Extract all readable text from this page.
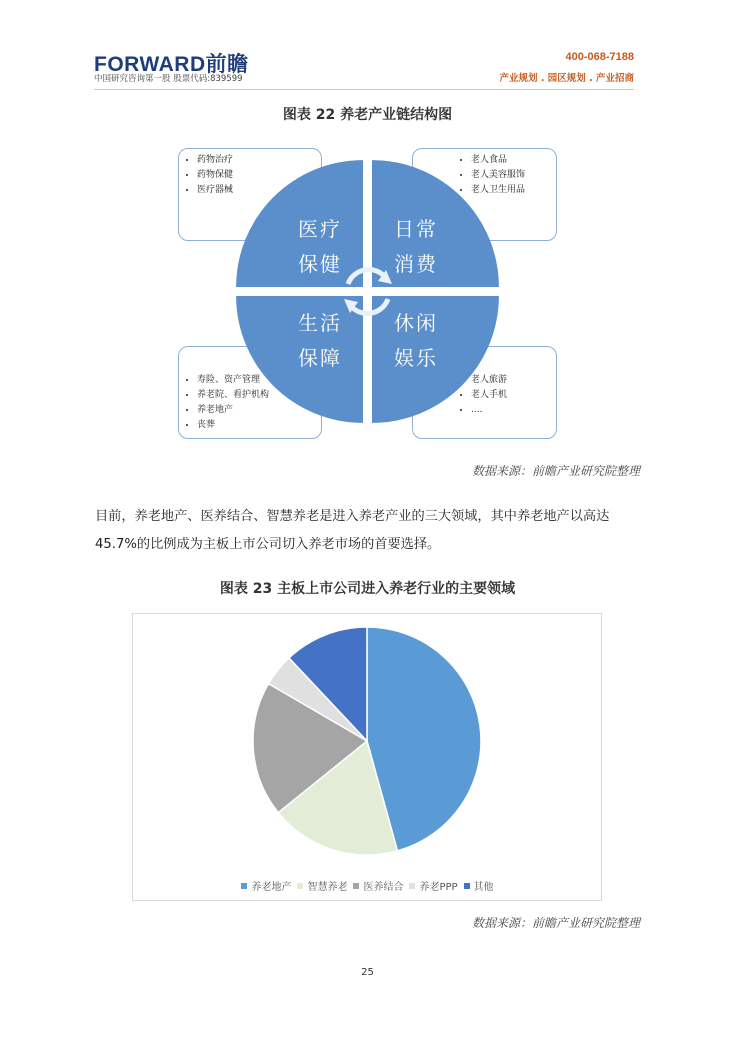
FORWARD前瞻
中国研究咨询第一股 股票代码:839599
400-068-7188
产业规划 . 园区规划 . 产业招商
图表 22 养老产业链结构图
• 药物治疗
• 药物保健
• 医疗器械
• 老人食品
• 老人美容服饰
• 老人卫生用品
• 寿险、资产管理
• 养老院、看护机构
• 养老地产
• 丧葬
• 老人旅游
• 老人手机
• ....
医疗
保健
日常
消费
生活
保障
休闲
娱乐
数据来源：前瞻产业研究院整理
目前，养老地产、医养结合、智慧养老是进入养老产业的三大领域，其中养老地产以高达 45.7%的比例成为主板上市公司切入养老市场的首要选择。
图表 23 主板上市公司进入养老行业的主要领域
养老地产 智慧养老 医养结合 养老PPP 其他
数据来源：前瞻产业研究院整理
25
